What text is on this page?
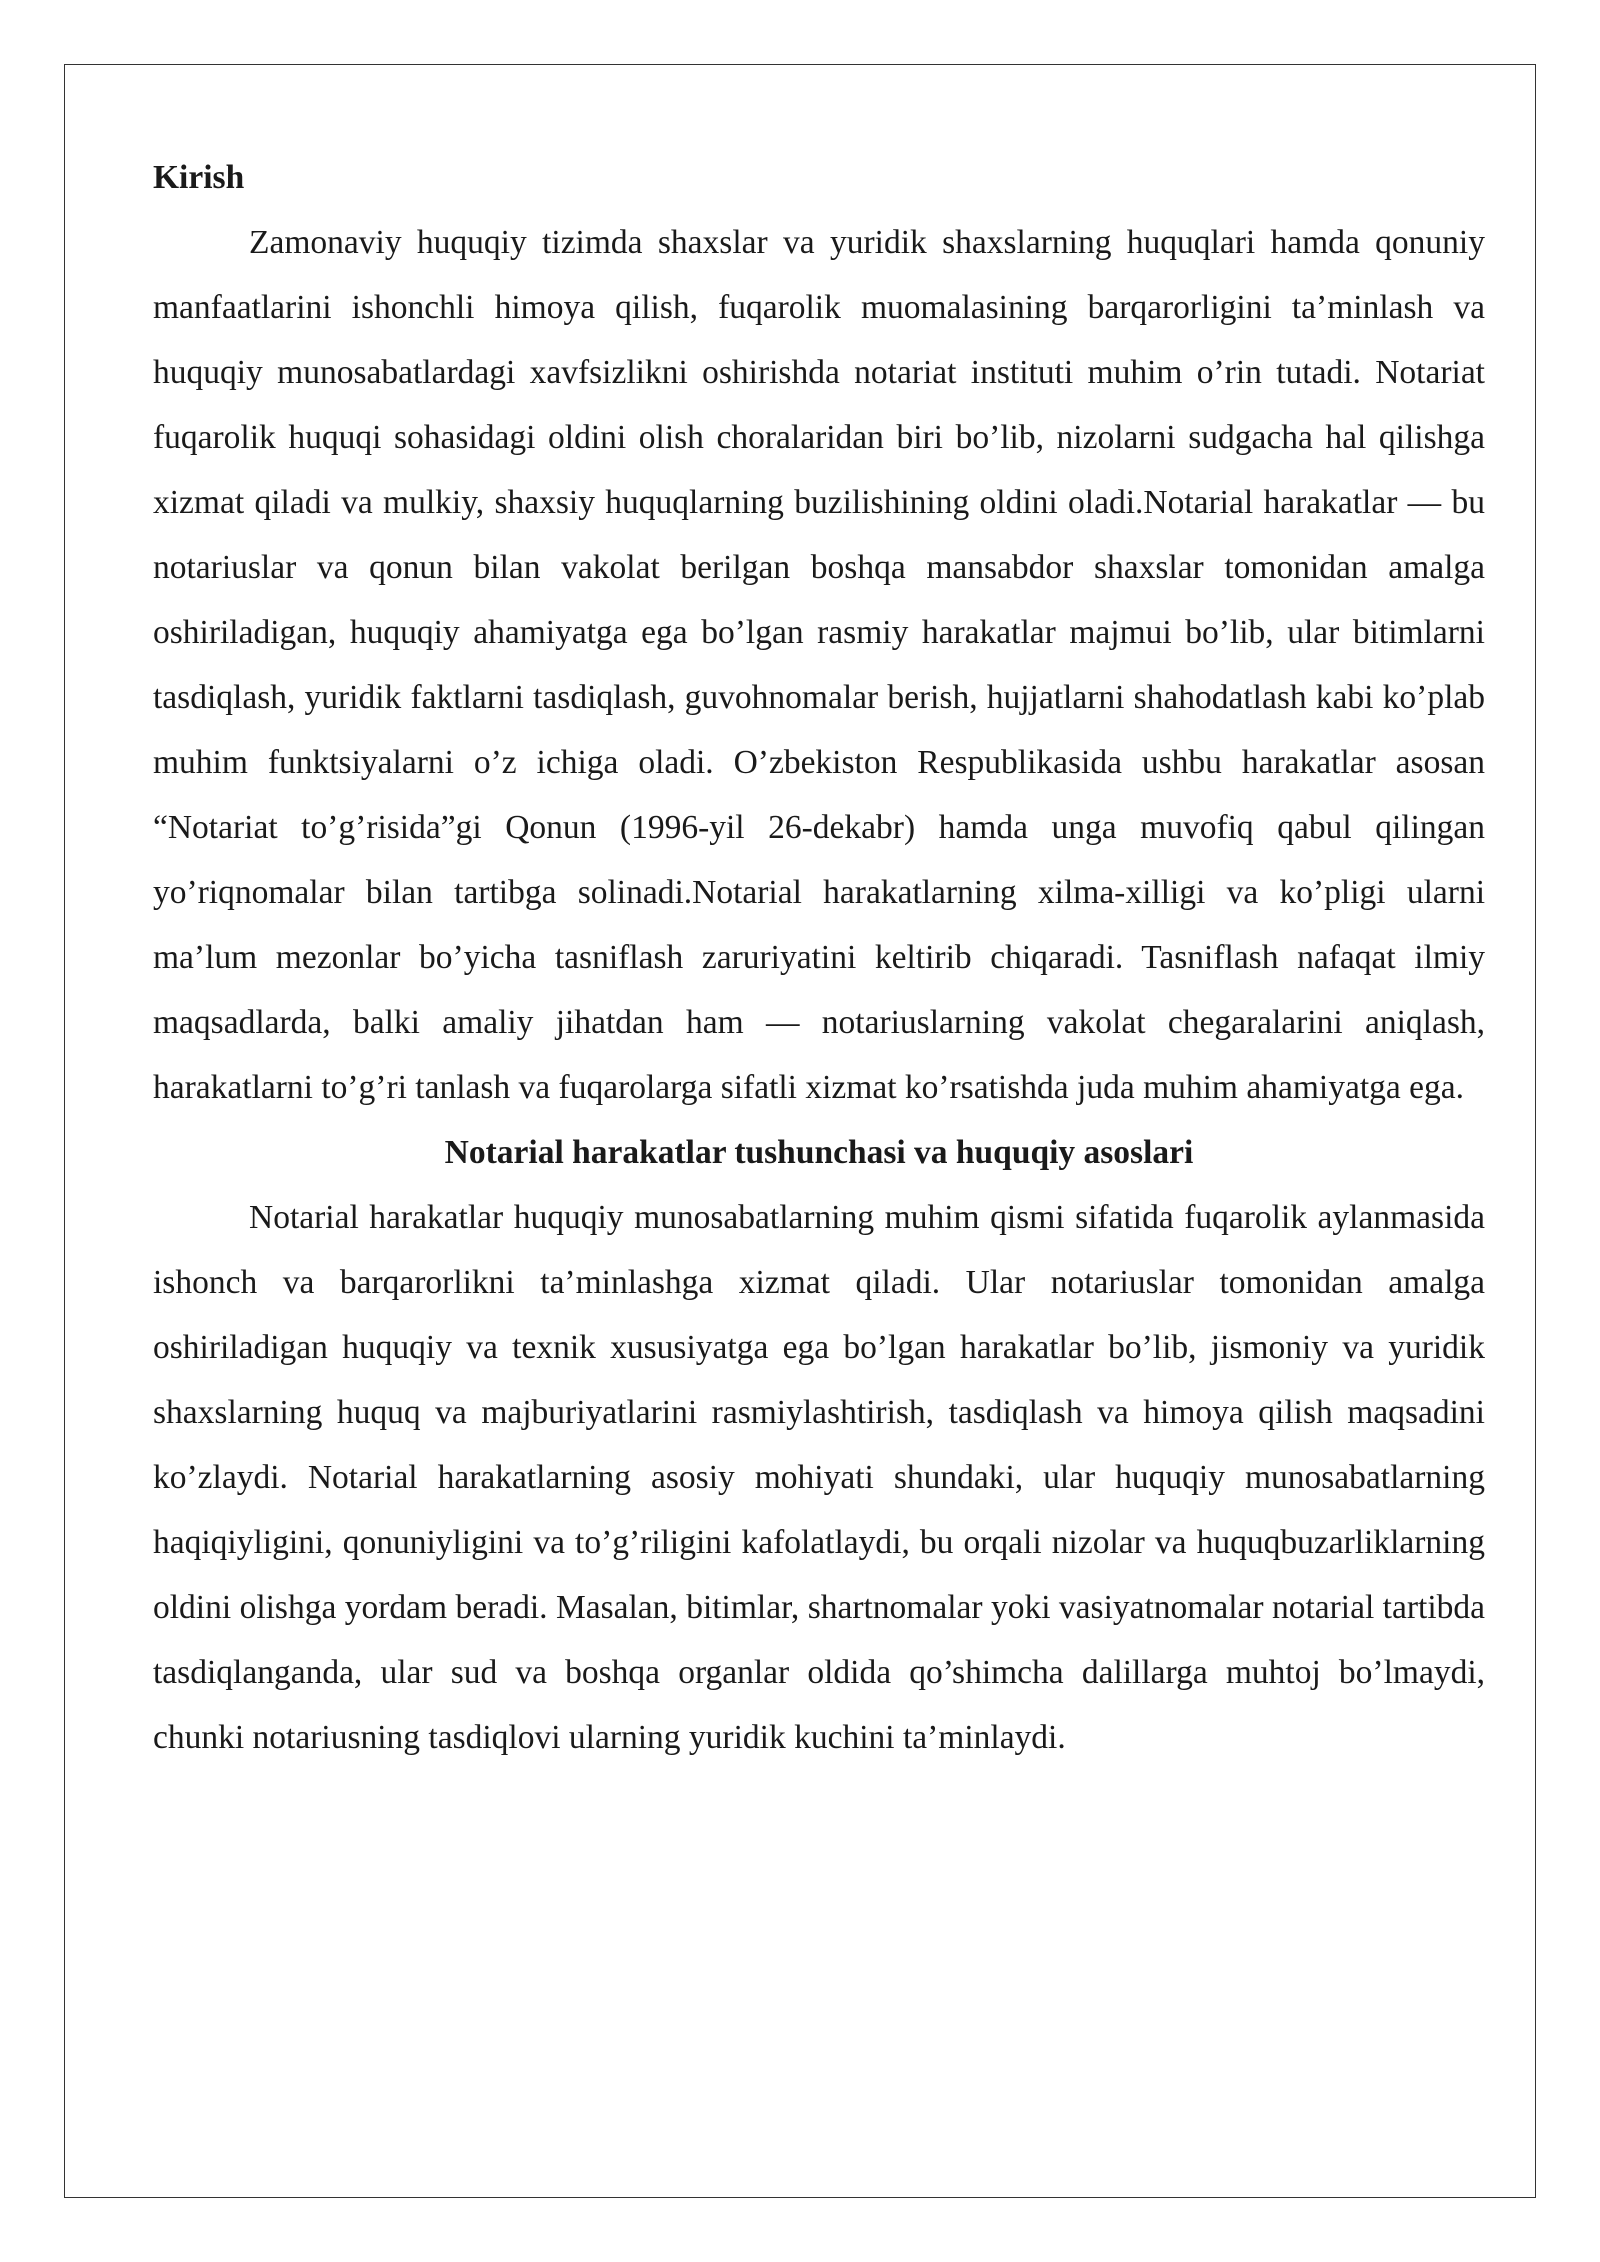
Kirish

Zamonaviy huquqiy tizimda shaxslar va yuridik shaxslarning huquqlari hamda qonuniy manfaatlarini ishonchli himoya qilish, fuqarolik muomalasining barqarorligini ta’minlash va huquqiy munosabatlardagi xavfsizlikni oshirishda notariat instituti muhim o’rin tutadi. Notariat fuqarolik huquqi sohasidagi oldini olish choralaridan biri bo’lib, nizolarni sudgacha hal qilishga xizmat qiladi va mulkiy, shaxsiy huquqlarning buzilishining oldini oladi.Notarial harakatlar — bu notariuslar va qonun bilan vakolat berilgan boshqa mansabdor shaxslar tomonidan amalga oshiriladigan, huquqiy ahamiyatga ega bo’lgan rasmiy harakatlar majmui bo’lib, ular bitimlarni tasdiqlash, yuridik faktlarni tasdiqlash, guvohnomalar berish, hujjatlarni shahodatlash kabi ko’plab muhim funktsiyalarni o’z ichiga oladi. O’zbekiston Respublikasida ushbu harakatlar asosan “Notariat to’g’risida”gi Qonun (1996-yil 26-dekabr) hamda unga muvofiq qabul qilingan yo’riqnomalar bilan tartibga solinadi.Notarial harakatlarning xilma-xilligi va ko’pligi ularni ma’lum mezonlar bo’yicha tasniflash zaruriyatini keltirib chiqaradi. Tasniflash nafaqat ilmiy maqsadlarda, balki amaliy jihatdan ham — notariuslarning vakolat chegaralarini aniqlash, harakatlarni to’g’ri tanlash va fuqarolarga sifatli xizmat ko’rsatishda juda muhim ahamiyatga ega.

Notarial harakatlar tushunchasi va huquqiy asoslari

Notarial harakatlar huquqiy munosabatlarning muhim qismi sifatida fuqarolik aylanmasida ishonch va barqarorlikni ta’minlashga xizmat qiladi. Ular notariuslar tomonidan amalga oshiriladigan huquqiy va texnik xususiyatga ega bo’lgan harakatlar bo’lib, jismoniy va yuridik shaxslarning huquq va majburiyatlarini rasmiylashtirish, tasdiqlash va himoya qilish maqsadini ko’zlaydi. Notarial harakatlarning asosiy mohiyati shundaki, ular huquqiy munosabatlarning haqiqiyligini, qonuniyligini va to’g’riligini kafolatlaydi, bu orqali nizolar va huquqbuzarliklarning oldini olishga yordam beradi. Masalan, bitimlar, shartnomalar yoki vasiyatnomalar notarial tartibda tasdiqlanganda, ular sud va boshqa organlar oldida qo’shimcha dalillarga muhtoj bo’lmaydi, chunki notariusning tasdiqlovi ularning yuridik kuchini ta’minlaydi.
